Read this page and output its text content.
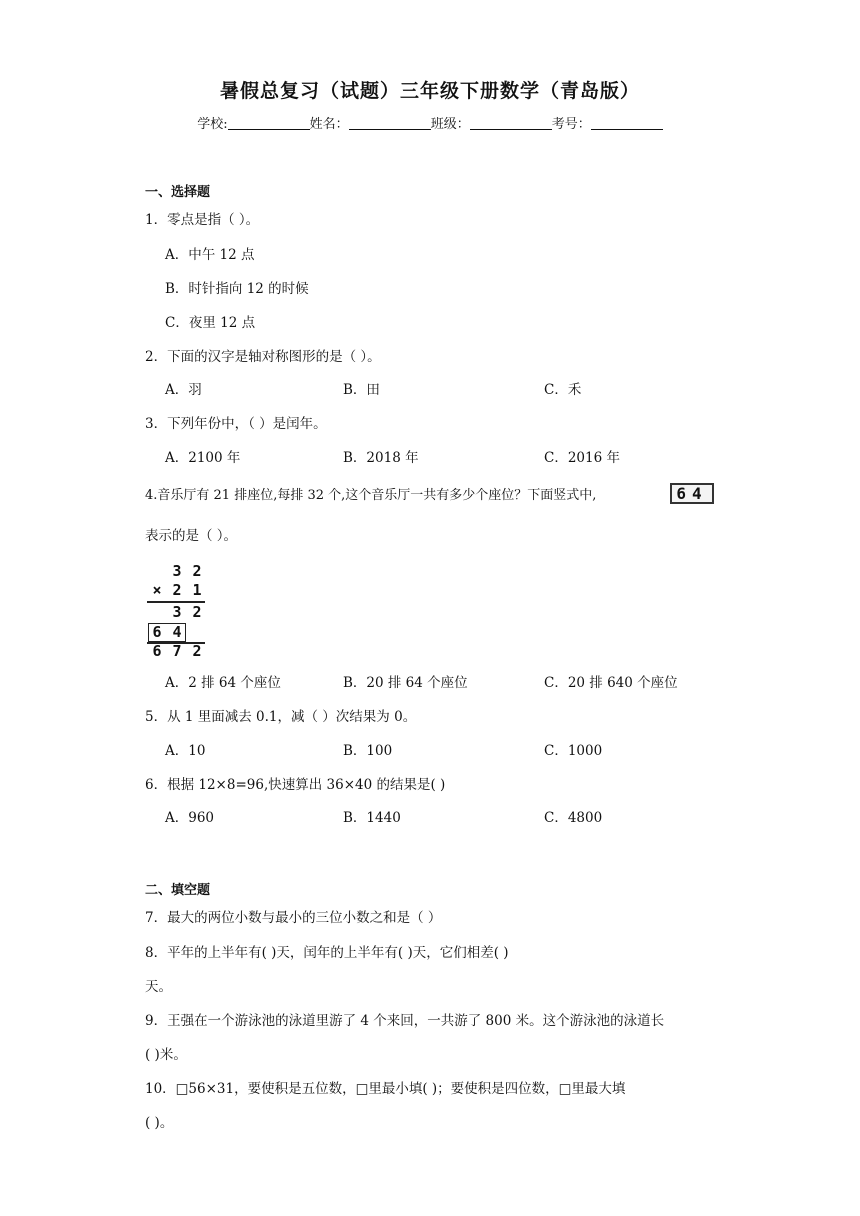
暑假总复习（试题）三年级下册数学（青岛版）
学校:	姓名：	班级：	考号：
一、选择题
1．零点是指（ ）。
A．中午 12 点
B．时针指向 12 的时候
C．夜里 12 点
2．下面的汉字是轴对称图形的是（ ）。
A．羽	B．田	C．禾
3．下列年份中，（ ）是闰年。
A．2100 年	B．2018 年	C．2016 年
4.音乐厅有 21 排座位,每排 32 个,这个音乐厅一共有多少个座位？下面竖式中,	64
表示的是（ ）。
3 2
× 2 1
3 2
6 4
6 7 2
A．2 排 64 个座位	B．20 排 64 个座位	C．20 排 640 个座位
5．从 1 里面减去 0.1，减（ ）次结果为 0。
A．10	B．100	C．1000
6．根据 12×8=96,快速算出 36×40 的结果是( )
A．960	B．1440	C．4800
二、填空题
7．最大的两位小数与最小的三位小数之和是（ ）
8．平年的上半年有( )天，闰年的上半年有( )天，它们相差( )
天。
9．王强在一个游泳池的泳道里游了 4 个来回，一共游了 800 米。这个游泳池的泳道长
( )米。
10．□56×31，要使积是五位数，□里最小填( )；要使积是四位数，□里最大填
( )。
